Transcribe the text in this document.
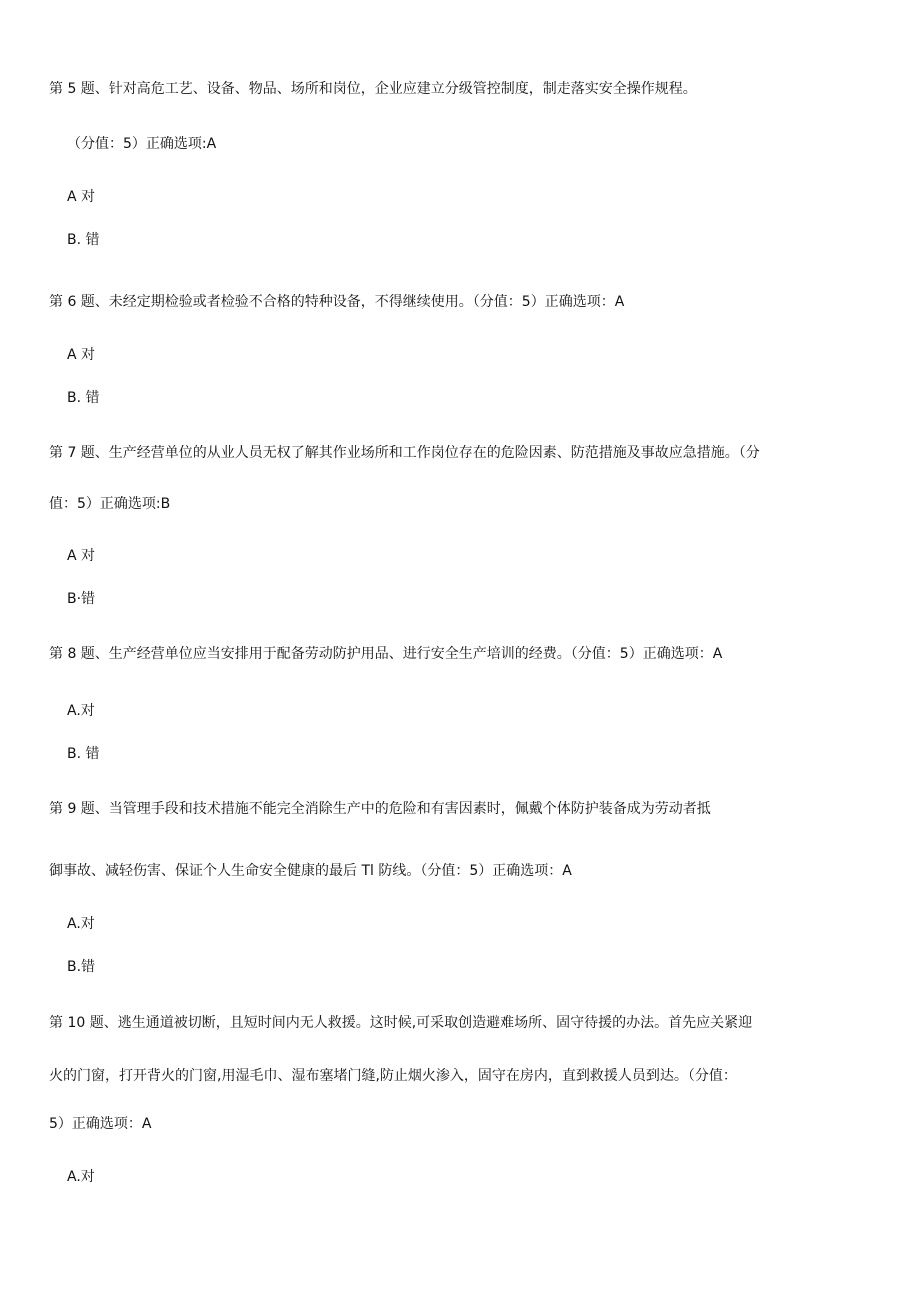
第 5 题、针对高危工艺、设备、物品、场所和岗位，企业应建立分级管控制度，制走落实安全操作规程。
（分值：5）正确选项:A
A 对
B. 错
第 6 题、未经定期检验或者检验不合格的特种设备，不得继续使用。（分值：5）正确选项：A
A 对
B. 错
第 7 题、生产经营单位的从业人员无权了解其作业场所和工作岗位存在的危险因素、防范措施及事故应急措施。（分
值：5）正确选项:B
A 对
B·错
第 8 题、生产经营单位应当安排用于配备劳动防护用品、进行安全生产培训的经费。（分值：5）正确选项：A
A.对
B. 错
第 9 题、当管理手段和技术措施不能完全消除生产中的危险和有害因素时，佩戴个体防护装备成为劳动者抵
御事故、减轻伤害、保证个人生命安全健康的最后 Tl 防线。（分值：5）正确选项：A
A.对
B.错
第 10 题、逃生通道被切断，且短时间内无人救援。这时候,可采取创造避难场所、固守待援的办法。首先应关紧迎
火的门窗，打开背火的门窗,用湿毛巾、湿布塞堵门缝,防止烟火渗入，固守在房内，直到救援人员到达。（分值：
5）正确选项：A
A.对
